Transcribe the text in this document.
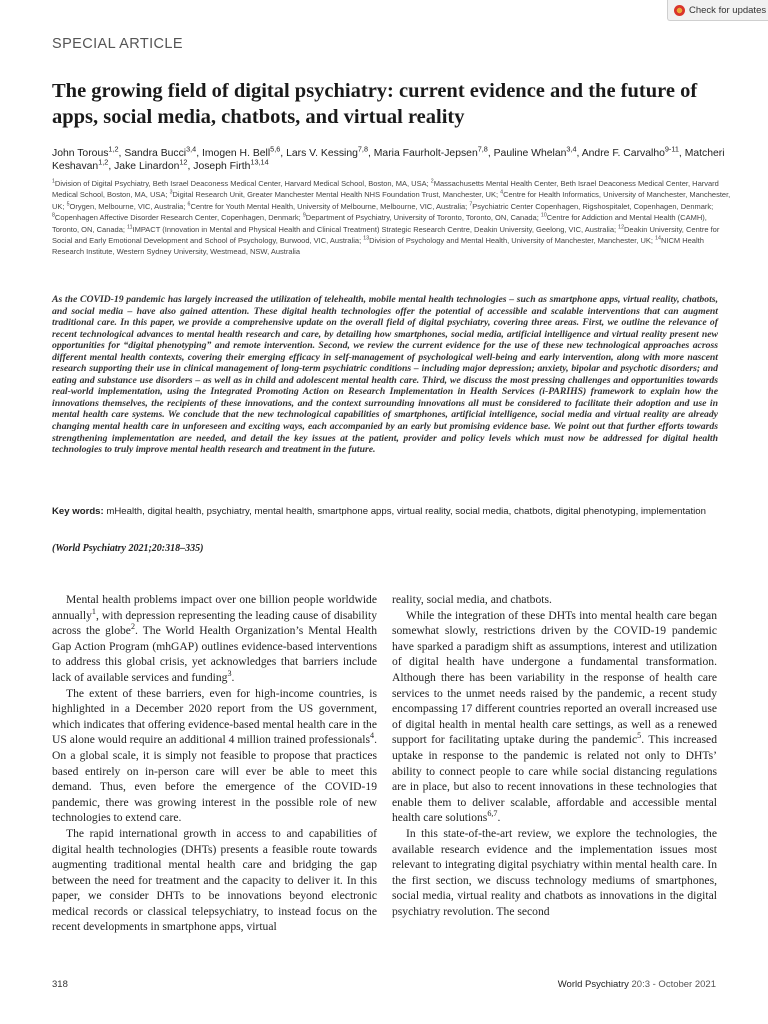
Check for updates
SPECIAL ARTICLE
The growing field of digital psychiatry: current evidence and the future of apps, social media, chatbots, and virtual reality

John Torous$^{1,2}$, Sandra Bucci$^{3,4}$, Imogen H. Bell$^{5,6}$, Lars V. Kessing$^{7,8}$, Maria Faurholt-Jepsen$^{7,8}$, Pauline Whelan$^{3,4}$, Andre F. Carvalho$^{9-11}$, Matcheri Keshavan$^{1,2}$, Jake Linardon$^{12}$, Joseph Firth$^{13,14}$

$^1$Division of Digital Psychiatry, Beth Israel Deaconess Medical Center, Harvard Medical School, Boston, MA, USA; $^2$Massachusetts Mental Health Center, Beth Israel Deaconess Medical Center, Harvard Medical School, Boston, MA, USA; $^3$Digital Research Unit, Greater Manchester Mental Health NHS Foundation Trust, Manchester, UK; $^4$Centre for Health Informatics, University of Manchester, Manchester, UK; $^5$Orygen, Melbourne, VIC, Australia; $^6$Centre for Youth Mental Health, University of Melbourne, Melbourne, VIC, Australia; $^7$Psychiatric Center Copenhagen, Rigshospitalet, Copenhagen, Denmark; $^8$Copenhagen Affective Disorder Research Center, Copenhagen, Denmark; $^9$Department of Psychiatry, University of Toronto, Toronto, ON, Canada; $^{10}$Centre for Addiction and Mental Health (CAMH), Toronto, ON, Canada; $^{11}$IMPACT (Innovation in Mental and Physical Health and Clinical Treatment) Strategic Research Centre, Deakin University, Geelong, VIC, Australia; $^{12}$Deakin University, Centre for Social and Early Emotional Development and School of Psychology, Burwood, VIC, Australia; $^{13}$Division of Psychology and Mental Health, University of Manchester, Manchester, UK; $^{14}$NICM Health Research Institute, Western Sydney University, Westmead, NSW, Australia

As the COVID-19 pandemic has largely increased the utilization of telehealth, mobile mental health technologies – such as smartphone apps, virtual reality, chatbots, and social media – have also gained attention. These digital health technologies offer the potential of accessible and scalable interventions that can augment traditional care. In this paper, we provide a comprehensive update on the overall field of digital psychiatry, covering three areas. First, we outline the relevance of recent technological advances to mental health research and care, by detailing how smartphones, social media, artificial intelligence and virtual reality present new opportunities for “digital phenotyping” and remote intervention. Second, we review the current evidence for the use of these new technological approaches across different mental health contexts, covering their emerging efficacy in self-management of psychological well-being and early intervention, along with more nascent research supporting their use in clinical management of long-term psychiatric conditions – including major depression; anxiety, bipolar and psychotic disorders; and eating and substance use disorders – as well as in child and adolescent mental health care. Third, we discuss the most pressing challenges and opportunities towards real-world implementation, using the Integrated Promoting Action on Research Implementation in Health Services (i-PARIHS) framework to explain how the innovations themselves, the recipients of these innovations, and the context surrounding innovations all must be considered to facilitate their adoption and use in mental health care systems. We conclude that the new technological capabilities of smartphones, artificial intelligence, social media and virtual reality are already changing mental health care in unforeseen and exciting ways, each accompanied by an early but promising evidence base. We point out that further efforts towards strengthening implementation are needed, and detail the key issues at the patient, provider and policy levels which must now be addressed for digital health technologies to truly improve mental health research and treatment in the future.

Key words: mHealth, digital health, psychiatry, mental health, smartphone apps, virtual reality, social media, chatbots, digital phenotyping, implementation

(World Psychiatry 2021;20:318–335)

Mental health problems impact over one billion people worldwide annually$^1$, with depression representing the leading cause of disability across the globe$^2$. The World Health Organization’s Mental Health Gap Action Program (mhGAP) outlines evidence-based interventions to address this global crisis, yet acknowledges that barriers include lack of available services and funding$^3$.

The extent of these barriers, even for high-income countries, is highlighted in a December 2020 report from the US government, which indicates that offering evidence-based mental health care in the US alone would require an additional 4 million trained professionals$^4$. On a global scale, it is simply not feasible to propose that practices based entirely on in-person care will ever be able to meet this demand. Thus, even before the emergence of the COVID-19 pandemic, there was growing interest in the possible role of new technologies to extend care.

The rapid international growth in access to and capabilities of digital health technologies (DHTs) presents a feasible route towards augmenting traditional mental health care and bridging the gap between the need for treatment and the capacity to deliver it. In this paper, we consider DHTs to be innovations beyond electronic medical records or classical telepsychiatry, to instead focus on the recent developments in smartphone apps, virtual

reality, social media, and chatbots.

While the integration of these DHTs into mental health care began somewhat slowly, restrictions driven by the COVID-19 pandemic have sparked a paradigm shift as assumptions, interest and utilization of digital health have undergone a fundamental transformation. Although there has been variability in the response of health care services to the unmet needs raised by the pandemic, a recent study encompassing 17 different countries reported an overall increased use of digital health in mental health care settings, as well as a renewed support for facilitating uptake during the pandemic$^5$. This increased uptake in response to the pandemic is related not only to DHTs’ ability to connect people to care while social distancing regulations are in place, but also to recent innovations in these technologies that enable them to deliver scalable, affordable and accessible mental health care solutions$^{6,7}$.

In this state-of-the-art review, we explore the technologies, the available research evidence and the implementation issues most relevant to integrating digital psychiatry within mental health care. In the first section, we discuss technology mediums of smartphones, social media, virtual reality and chatbots as innovations in the digital psychiatry revolution. The second

318	World Psychiatry 20:3 - October 2021
